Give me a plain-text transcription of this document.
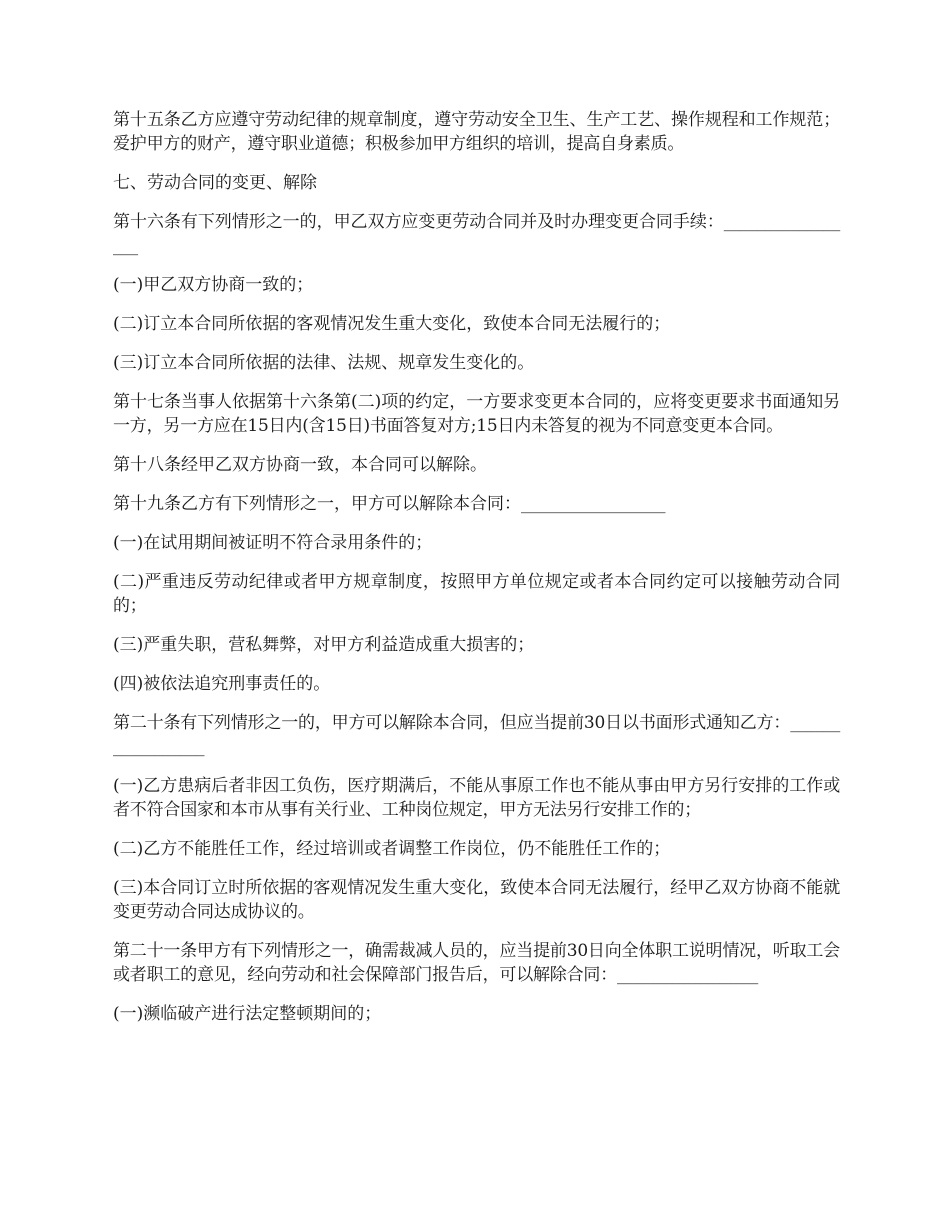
第十五条乙方应遵守劳动纪律的规章制度，遵守劳动安全卫生、生产工艺、操作规程和工作规范；爱护甲方的财产，遵守职业道德；积极参加甲方组织的培训，提高自身素质。

七、劳动合同的变更、解除

第十六条有下列情形之一的，甲乙双方应变更劳动合同并及时办理变更合同手续：_________________

(一)甲乙双方协商一致的；

(二)订立本合同所依据的客观情况发生重大变化，致使本合同无法履行的；

(三)订立本合同所依据的法律、法规、规章发生变化的。

第十七条当事人依据第十六条第(二)项的约定，一方要求变更本合同的，应将变更要求书面通知另一方，另一方应在15日内(含15日)书面答复对方;15日内未答复的视为不同意变更本合同。

第十八条经甲乙双方协商一致，本合同可以解除。

第十九条乙方有下列情形之一，甲方可以解除本合同：_________________

(一)在试用期间被证明不符合录用条件的；

(二)严重违反劳动纪律或者甲方规章制度，按照甲方单位规定或者本合同约定可以接触劳动合同的；

(三)严重失职，营私舞弊，对甲方利益造成重大损害的；

(四)被依法追究刑事责任的。

第二十条有下列情形之一的，甲方可以解除本合同，但应当提前30日以书面形式通知乙方：_________________

(一)乙方患病后者非因工负伤，医疗期满后，不能从事原工作也不能从事由甲方另行安排的工作或者不符合国家和本市从事有关行业、工种岗位规定，甲方无法另行安排工作的；

(二)乙方不能胜任工作，经过培训或者调整工作岗位，仍不能胜任工作的；

(三)本合同订立时所依据的客观情况发生重大变化，致使本合同无法履行，经甲乙双方协商不能就变更劳动合同达成协议的。

第二十一条甲方有下列情形之一，确需裁减人员的，应当提前30日向全体职工说明情况，听取工会或者职工的意见，经向劳动和社会保障部门报告后，可以解除合同：_________________

(一)濒临破产进行法定整顿期间的；
